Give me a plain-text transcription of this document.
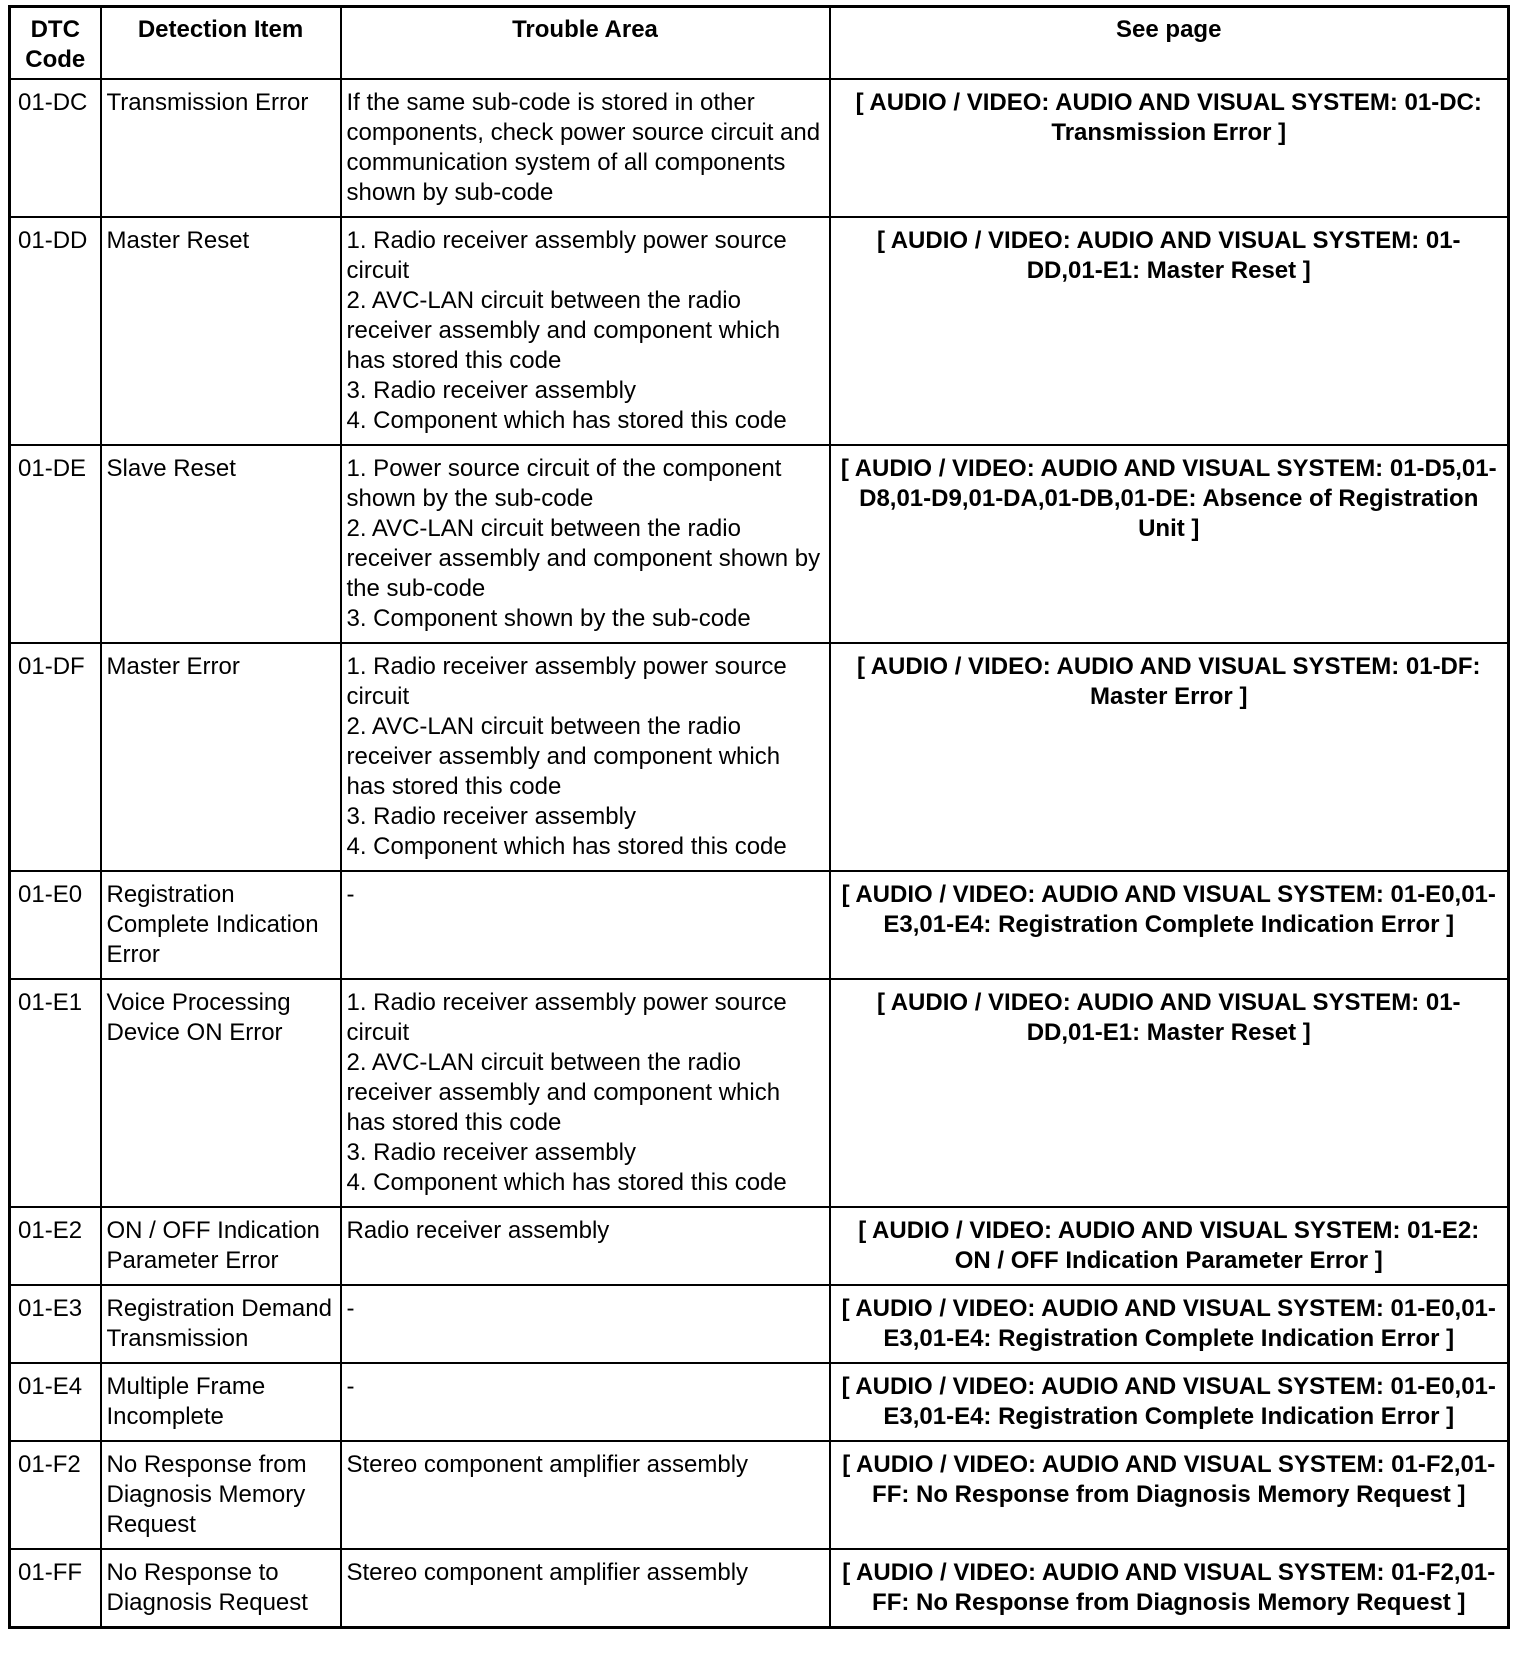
DTC Code	Detection Item	Trouble Area	See page
01-DC	Transmission Error	If the same sub-code is stored in other components, check power source circuit and communication system of all components shown by sub-code	[ AUDIO / VIDEO: AUDIO AND VISUAL SYSTEM: 01-DC: Transmission Error ]
01-DD	Master Reset	1. Radio receiver assembly power source circuit
2. AVC-LAN circuit between the radio receiver assembly and component which has stored this code
3. Radio receiver assembly
4. Component which has stored this code	[ AUDIO / VIDEO: AUDIO AND VISUAL SYSTEM: 01-DD,01-E1: Master Reset ]
01-DE	Slave Reset	1. Power source circuit of the component shown by the sub-code
2. AVC-LAN circuit between the radio receiver assembly and component shown by the sub-code
3. Component shown by the sub-code	[ AUDIO / VIDEO: AUDIO AND VISUAL SYSTEM: 01-D5,01-D8,01-D9,01-DA,01-DB,01-DE: Absence of Registration Unit ]
01-DF	Master Error	1. Radio receiver assembly power source circuit
2. AVC-LAN circuit between the radio receiver assembly and component which has stored this code
3. Radio receiver assembly
4. Component which has stored this code	[ AUDIO / VIDEO: AUDIO AND VISUAL SYSTEM: 01-DF: Master Error ]
01-E0	Registration Complete Indication Error	-	[ AUDIO / VIDEO: AUDIO AND VISUAL SYSTEM: 01-E0,01-E3,01-E4: Registration Complete Indication Error ]
01-E1	Voice Processing Device ON Error	1. Radio receiver assembly power source circuit
2. AVC-LAN circuit between the radio receiver assembly and component which has stored this code
3. Radio receiver assembly
4. Component which has stored this code	[ AUDIO / VIDEO: AUDIO AND VISUAL SYSTEM: 01-DD,01-E1: Master Reset ]
01-E2	ON / OFF Indication Parameter Error	Radio receiver assembly	[ AUDIO / VIDEO: AUDIO AND VISUAL SYSTEM: 01-E2: ON / OFF Indication Parameter Error ]
01-E3	Registration Demand Transmission	-	[ AUDIO / VIDEO: AUDIO AND VISUAL SYSTEM: 01-E0,01-E3,01-E4: Registration Complete Indication Error ]
01-E4	Multiple Frame Incomplete	-	[ AUDIO / VIDEO: AUDIO AND VISUAL SYSTEM: 01-E0,01-E3,01-E4: Registration Complete Indication Error ]
01-F2	No Response from Diagnosis Memory Request	Stereo component amplifier assembly	[ AUDIO / VIDEO: AUDIO AND VISUAL SYSTEM: 01-F2,01-FF: No Response from Diagnosis Memory Request ]
01-FF	No Response to Diagnosis Request	Stereo component amplifier assembly	[ AUDIO / VIDEO: AUDIO AND VISUAL SYSTEM: 01-F2,01-FF: No Response from Diagnosis Memory Request ]
